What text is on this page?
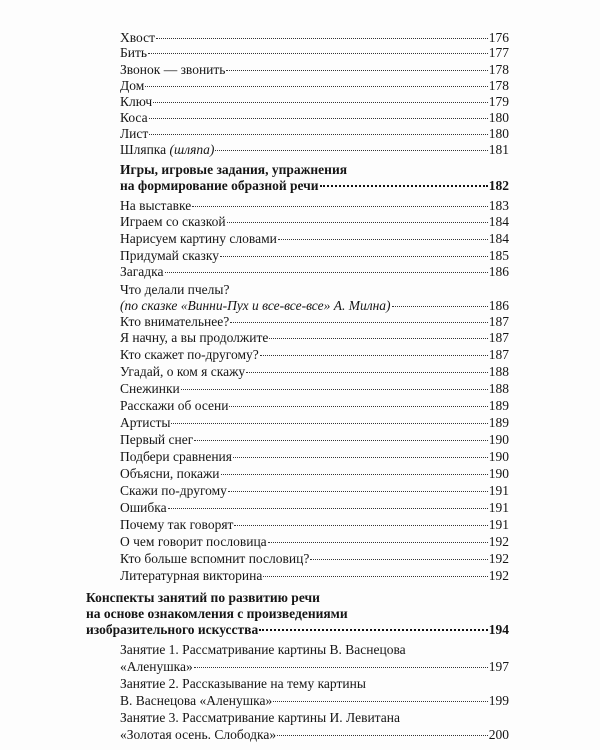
Хвост	176
Бить	177
Звонок — звонить	178
Дом	178
Ключ	179
Коса	180
Лист	180
Шляпка (шляпа)	181
Игры, игровые задания, упражнения
на формирование образной речи	182
На выставке	183
Играем со сказкой	184
Нарисуем картину словами	184
Придумай сказку	185
Загадка	186
Что делали пчелы?
(по сказке «Винни-Пух и все-все-все» А. Милна)	186
Кто внимательнее?	187
Я начну, а вы продолжите	187
Кто скажет по-другому?	187
Угадай, о ком я скажу	188
Снежинки	188
Расскажи об осени	189
Артисты	189
Первый снег	190
Подбери сравнения	190
Объясни, покажи	190
Скажи по-другому	191
Ошибка	191
Почему так говорят	191
О чем говорит пословица	192
Кто больше вспомнит пословиц?	192
Литературная викторина	192
Конспекты занятий по развитию речи
на основе ознакомления с произведениями
изобразительного искусства	194
Занятие 1. Рассматривание картины В. Васнецова
«Аленушка»	197
Занятие 2. Рассказывание на тему картины
В. Васнецова «Аленушка»	199
Занятие 3. Рассматривание картины И. Левитана
«Золотая осень. Слободка»	200
